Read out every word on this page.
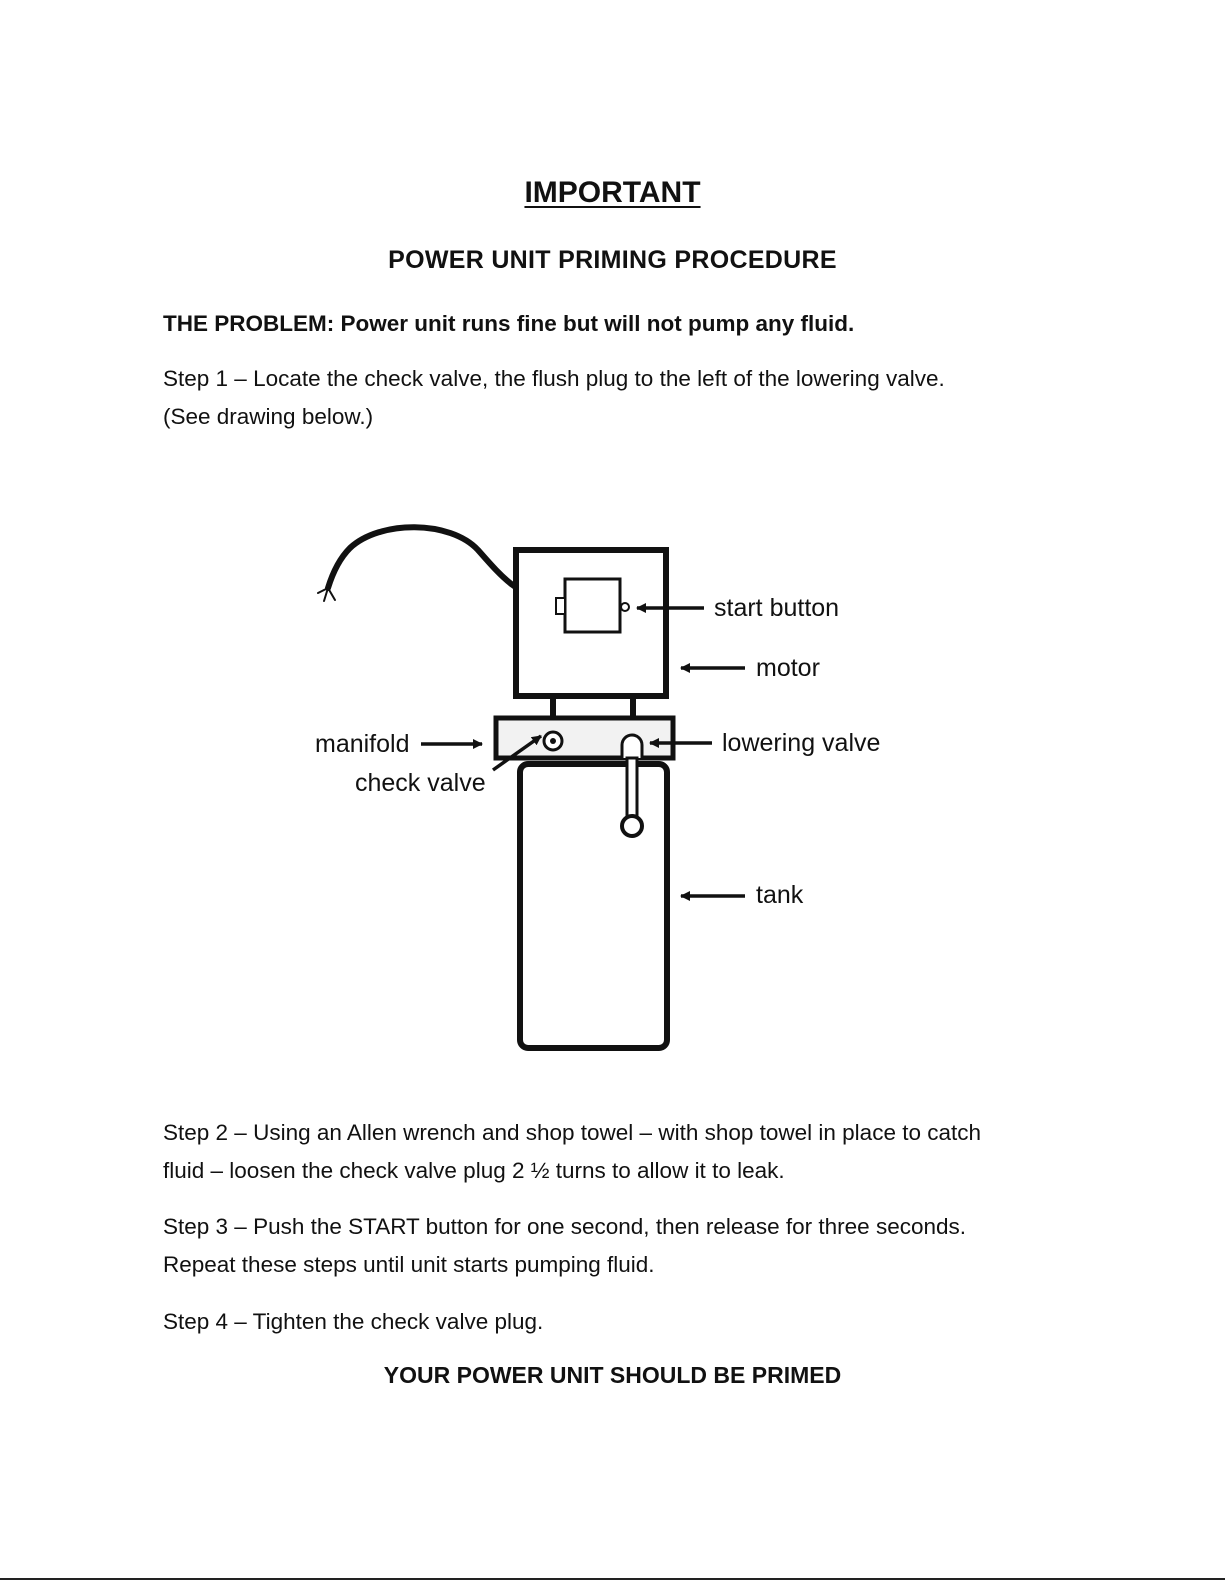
IMPORTANT
POWER UNIT PRIMING PROCEDURE

THE PROBLEM: Power unit runs fine but will not pump any fluid.

Step 1 – Locate the check valve, the flush plug to the left of the lowering valve.
(See drawing below.)

start button
motor
manifold
check valve
lowering valve
tank

Step 2 – Using an Allen wrench and shop towel – with shop towel in place to catch
fluid – loosen the check valve plug 2 ½ turns to allow it to leak.

Step 3 – Push the START button for one second, then release for three seconds.
Repeat these steps until unit starts pumping fluid.

Step 4 – Tighten the check valve plug.

YOUR POWER UNIT SHOULD BE PRIMED
